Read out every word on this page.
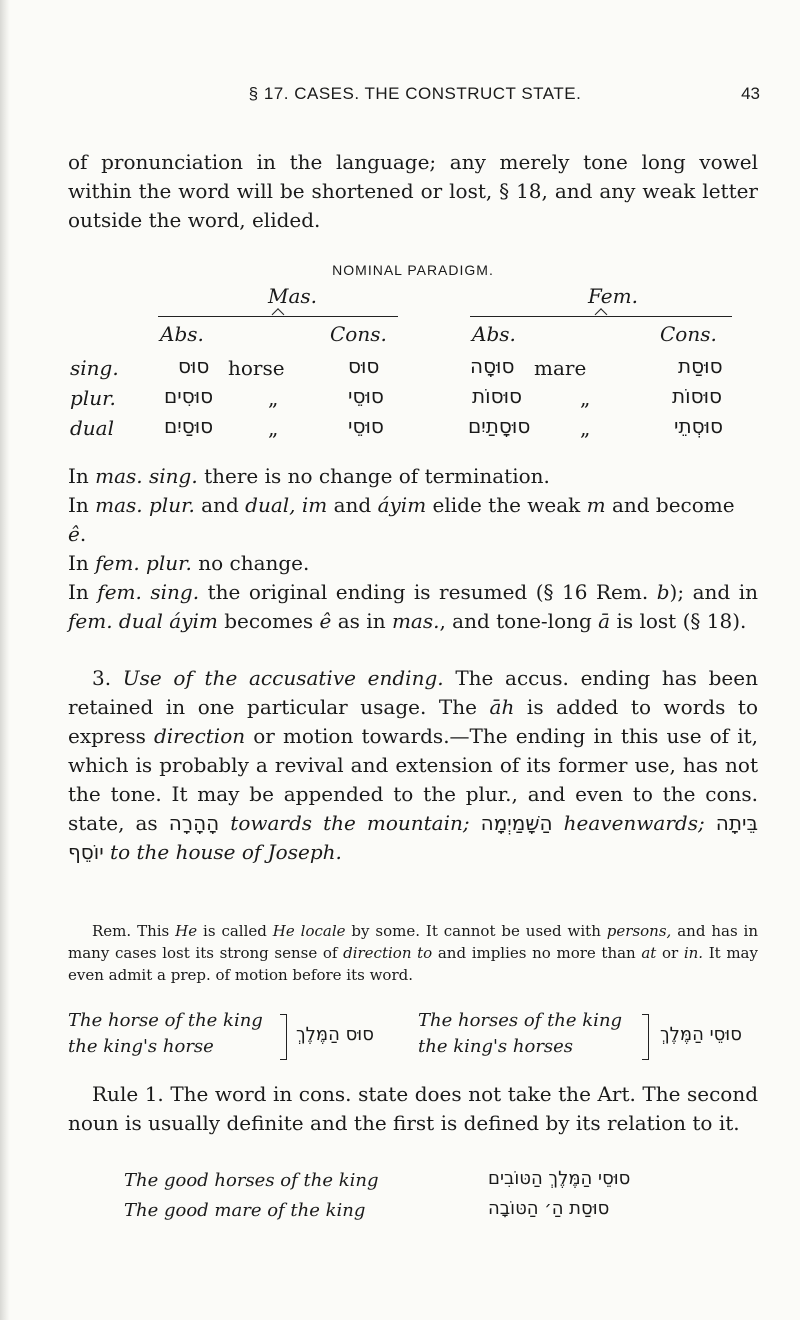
§ 17. CASES. THE CONSTRUCT STATE.	43

of pronunciation in the language; any merely tone long vowel within the word will be shortened or lost, § 18, and any weak letter outside the word, elided.

NOMINAL PARADIGM.
Mas.	Fem.
Abs.	Cons.	Abs.	Cons.
sing.	סוּס horse	סוּס	סוּסָה mare	סוּסַת
plur. סוּסִים	„	סוּסֵי	סוּסוֹת	„	סוּסוֹת
dual סוּסַיִם	„	סוּסֵי	סוּסָתַיִם „	סוּסְתֵי

In mas. sing. there is no change of termination.

In mas. plur. and dual, im and áyim elide the weak m and become ê.

In fem. plur. no change.

In fem. sing. the original ending is resumed (§ 16 Rem. b); and in fem. dual áyim becomes ê as in mas., and tone-long ā is lost (§ 18).

3. Use of the accusative ending. The accus. ending has been retained in one particular usage. The āh is added to words to express direction or motion towards.—The ending in this use of it, which is probably a revival and extension of its former use, has not the tone. It may be appended to the plur., and even to the cons. state, as הָהָרָה towards the mountain; הַשָּׁמַיְמָה heavenwards; בֵּיתָה יוֹסֵף to the house of Joseph.

Rem. This He is called He locale by some. It cannot be used with persons, and has in many cases lost its strong sense of direction to and implies no more than at or in. It may even admit a prep. of motion before its word.

The horse of the king
the king's horse
סוּס הַמֶּלֶךְ
The horses of the king
the king's horses
סוּסֵי הַמֶּלֶךְ

Rule 1. The word in cons. state does not take the Art. The second noun is usually definite and the first is defined by its relation to it.

The good horses of the king	סוּסֵי הַמֶּלֶךְ הַטּוֹבִים
The good mare of the king	סוּסַת הַ׳ הַטּוֹבָה
